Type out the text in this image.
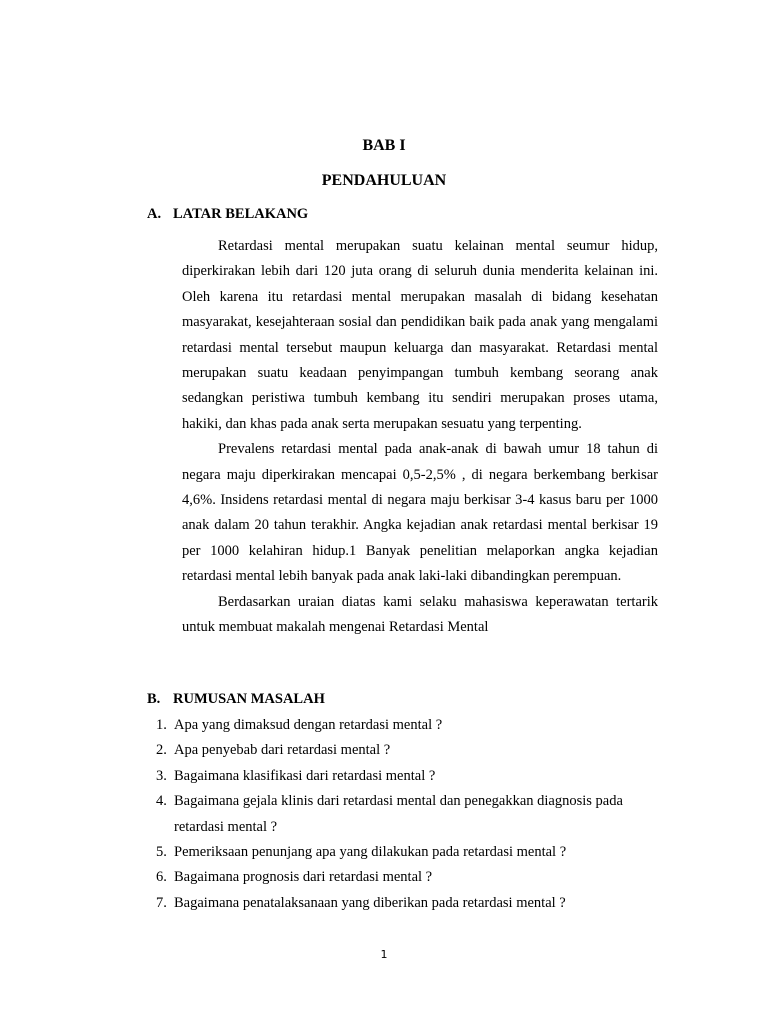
BAB I
PENDAHULUAN
A. LATAR BELAKANG

Retardasi mental merupakan suatu kelainan mental seumur hidup, diperkirakan lebih dari 120 juta orang di seluruh dunia menderita kelainan ini. Oleh karena itu retardasi mental merupakan masalah di bidang kesehatan masyarakat, kesejahteraan sosial dan pendidikan baik pada anak yang mengalami retardasi mental tersebut maupun keluarga dan masyarakat. Retardasi mental merupakan suatu keadaan penyimpangan tumbuh kembang seorang anak sedangkan peristiwa tumbuh kembang itu sendiri merupakan proses utama, hakiki, dan khas pada anak serta merupakan sesuatu yang terpenting.

Prevalens retardasi mental pada anak-anak di bawah umur 18 tahun di negara maju diperkirakan mencapai 0,5-2,5% , di negara berkembang berkisar 4,6%. Insidens retardasi mental di negara maju berkisar 3-4 kasus baru per 1000 anak dalam 20 tahun terakhir. Angka kejadian anak retardasi mental berkisar 19 per 1000 kelahiran hidup.1 Banyak penelitian melaporkan angka kejadian retardasi mental lebih banyak pada anak laki-laki dibandingkan perempuan.

Berdasarkan uraian diatas kami selaku mahasiswa keperawatan tertarik untuk membuat makalah mengenai Retardasi Mental

B. RUMUSAN MASALAH
1. Apa yang dimaksud dengan retardasi mental ?
2. Apa penyebab dari retardasi mental ?
3. Bagaimana klasifikasi dari retardasi mental ?
4. Bagaimana gejala klinis dari retardasi mental dan penegakkan diagnosis pada retardasi mental ?
5. Pemeriksaan penunjang apa yang dilakukan pada retardasi mental ?
6. Bagaimana prognosis dari retardasi mental ?
7. Bagaimana penatalaksanaan yang diberikan pada retardasi mental ?
1
